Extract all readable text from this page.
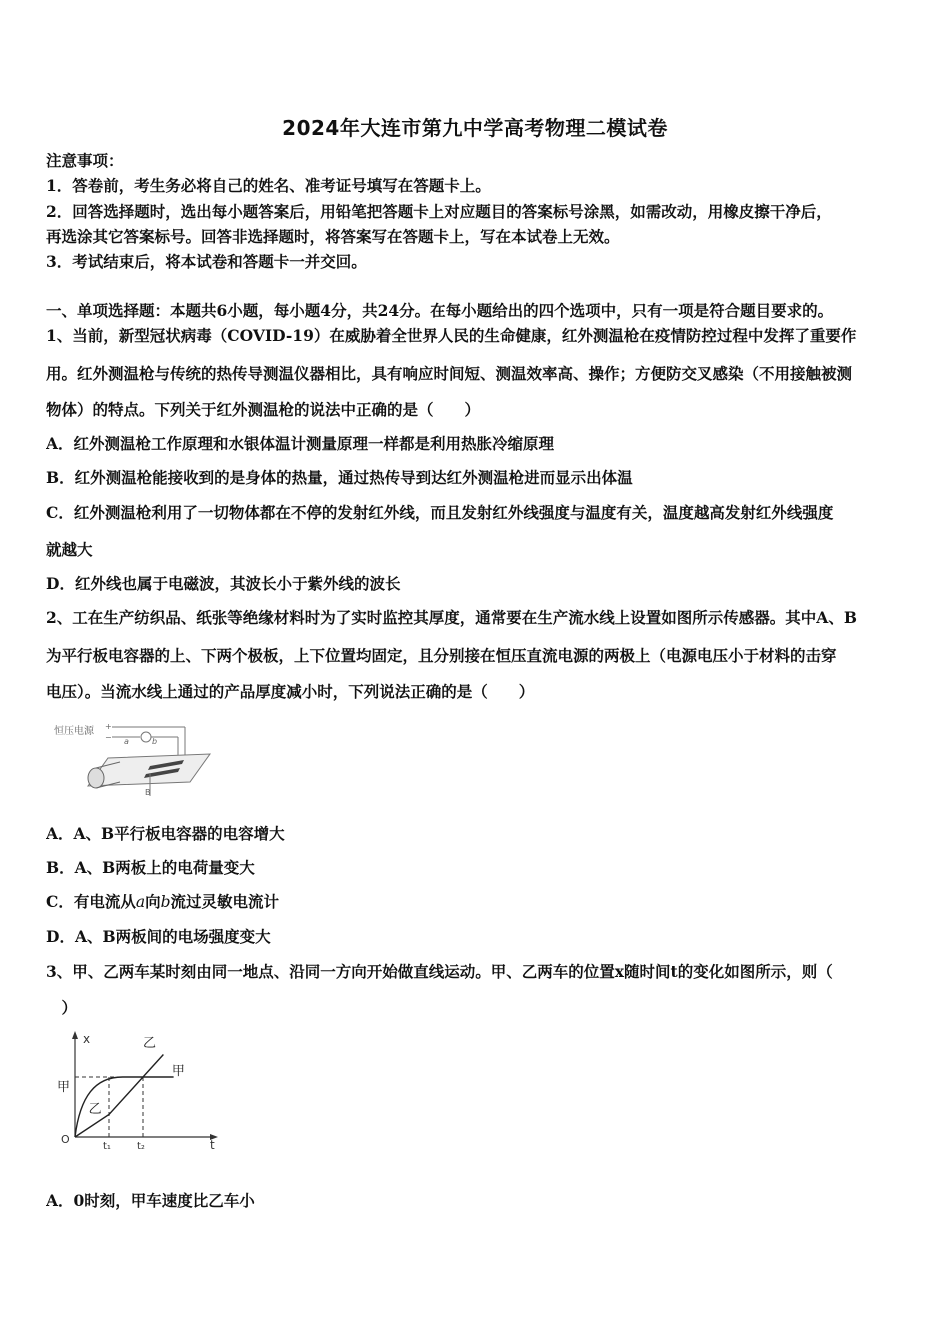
2024年大连市第九中学高考物理二模试卷
注意事项：
1．答卷前，考生务必将自己的姓名、准考证号填写在答题卡上。
2．回答选择题时，选出每小题答案后，用铅笔把答题卡上对应题目的答案标号涂黑，如需改动，用橡皮擦干净后，
再选涂其它答案标号。回答非选择题时，将答案写在答题卡上，写在本试卷上无效。
3．考试结束后，将本试卷和答题卡一并交回。
一、单项选择题：本题共6小题，每小题4分，共24分。在每小题给出的四个选项中，只有一项是符合题目要求的。
1、当前，新型冠状病毒（COVID-19）在威胁着全世界人民的生命健康，红外测温枪在疫情防控过程中发挥了重要作
用。红外测温枪与传统的热传导测温仪器相比，具有响应时间短、测温效率高、操作；方便防交叉感染（不用接触被测
物体）的特点。下列关于红外测温枪的说法中正确的是（　　）
A．红外测温枪工作原理和水银体温计测量原理一样都是利用热胀冷缩原理
B．红外测温枪能接收到的是身体的热量，通过热传导到达红外测温枪进而显示出体温
C．红外测温枪利用了一切物体都在不停的发射红外线，而且发射红外线强度与温度有关，温度越高发射红外线强度
就越大
D．红外线也属于电磁波，其波长小于紫外线的波长
2、工在生产纺织品、纸张等绝缘材料时为了实时监控其厚度，通常要在生产流水线上设置如图所示传感器。其中A、B
为平行板电容器的上、下两个极板，上下位置均固定，且分别接在恒压直流电源的两极上（电源电压小于材料的击穿
电压）。当流水线上通过的产品厚度减小时，下列说法正确的是（　　）
恒压电源 +
− a	b
B
A．A、B平行板电容器的电容增大
B．A、B两板上的电荷量变大
C．有电流从a向b流过灵敏电流计
D．A、B两板间的电场强度变大
3、甲、乙两车某时刻由同一地点、沿同一方向开始做直线运动。甲、乙两车的位置x随时间t的变化如图所示，则（
　）
x
t
O
t₁	t₂
甲
甲
乙
乙
A．0时刻，甲车速度比乙车小
